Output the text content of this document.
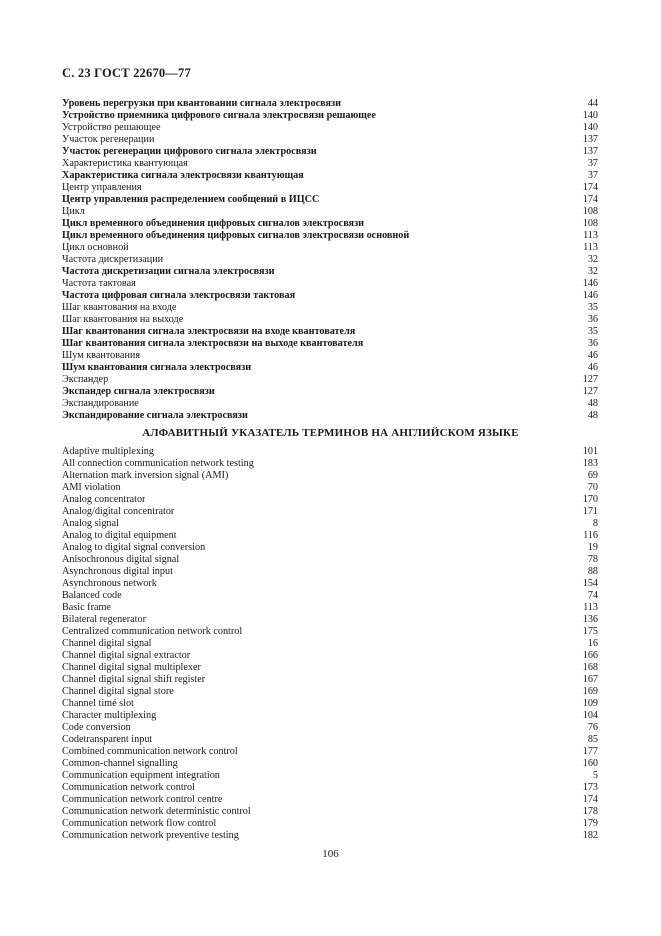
С. 23 ГОСТ 22670—77
Уровень перегрузки при квантовании сигнала электросвязи	44
Устройство приемника цифрового сигнала электросвязи решающее	140
Устройство решающее	140
Участок регенерации	137
Участок регенерации цифрового сигнала электросвязи	137
Характеристика квантующая	37
Характеристика сигнала электросвязи квантующая	37
Центр управления	174
Центр управления распределением сообщений в ИЦСС	174
Цикл	108
Цикл временного объединения цифровых сигналов электросвязи	108
Цикл временного объединения цифровых сигналов электросвязи основной	113
Цикл основной	113
Частота дискретизации	32
Частота дискретизации сигнала электросвязи	32
Частота тактовая	146
Частота цифровая сигнала электросвязи тактовая	146
Шаг квантования на входе	35
Шаг квантования на выходе	36
Шаг квантования сигнала электросвязи на входе квантователя	35
Шаг квантования сигнала электросвязи на выходе квантователя	36
Шум квантования	46
Шум квантования сигнала электросвязи	46
Экспандер	127
Экспандер сигнала электросвязи	127
Экспандирование	48
Экспандирование сигнала электросвязи	48
АЛФАВИТНЫЙ УКАЗАТЕЛЬ ТЕРМИНОВ НА АНГЛИЙСКОМ ЯЗЫКЕ
Adaptive multiplexing	101
All connection communication network testing	183
Alternation mark inversion signal (AMI)	69
AMI violation	70
Analog concentrator	170
Analog/digital concentrator	171
Analog signal	8
Analog to digital equipment	116
Analog to digital signal conversion	19
Anisochronous digital signal	78
Asynchronous digital input	88
Asynchronous network	154
Balanced code	74
Basic frame	113
Bilateral regenerator	136
Centralized communication network control	175
Channel digital signal	16
Channel digital signal extractor	166
Channel digital signal multiplexer	168
Channel digital signal shift register	167
Channel digital signal store	169
Channel timé slot	109
Character multiplexing	104
Code conversion	76
Codetransparent input	85
Combined communication network control	177
Common-channel signalling	160
Communication equipment integration	5
Communication network control	173
Communication network control centre	174
Communication network deterministic control	178
Communication network flow control	179
Communication network preventive testing	182
106
